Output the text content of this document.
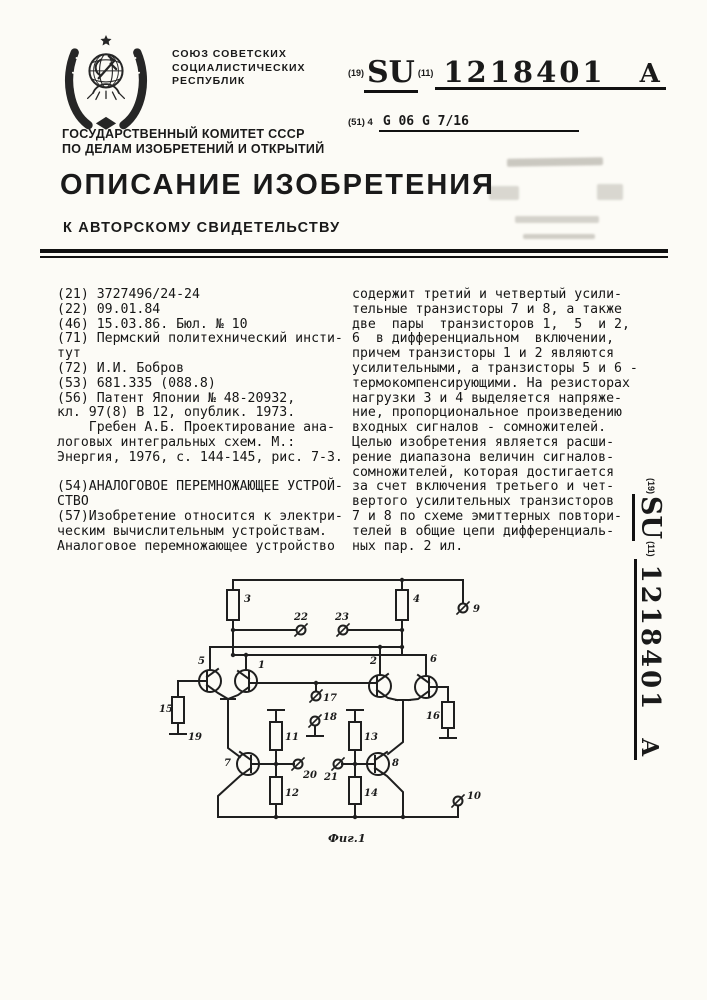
СОЮЗ СОВЕТСКИХ
СОЦИАЛИСТИЧЕСКИХ
РЕСПУБЛИК
ГОСУДАРСТВЕННЫЙ КОМИТЕТ СССР
ПО ДЕЛАМ ИЗОБРЕТЕНИЙ И ОТКРЫТИЙ
$^{(19)}$ SU $^{(11)}$ 1218401 A
(51) 4 G 06 G 7/16
ОПИСАНИЕ ИЗОБРЕТЕНИЯ
К АВТОРСКОМУ СВИДЕТЕЛЬСТВУ
(21) 3727496/24-24
(22) 09.01.84
(46) 15.03.86. Бюл. № 10
(71) Пермский политехнический инсти-
тут
(72) И.И. Бобров
(53) 681.335 (088.8)
(56) Патент Японии № 48-20932,
кл. 97(8) В 12, опублик. 1973.
Гребен А.Б. Проектирование ана-
логовых интегральных схем. М.:
Энергия, 1976, с. 144-145, рис. 7-3.

(54)АНАЛОГОВОЕ ПЕРЕМНОЖАЮЩЕЕ УСТРОЙ-
СТВО
(57)Изобретение относится к электри-
ческим вычислительным устройствам.
Аналоговое перемножающее устройство
содержит третий и четвертый усили-
тельные транзисторы 7 и 8, а также
две  пары  транзисторов 1,  5  и 2,
6  в дифференциальном  включении,
причем транзисторы 1 и 2 являются
усилительными, а транзисторы 5 и 6 -
термокомпенсирующими. На резисторах
нагрузки 3 и 4 выделяется напряже-
ние, пропорциональное произведению
входных сигналов - сомножителей.
Целью изобретения является расши-
рение диапазона величин сигналов-
сомножителей, которая достигается
за счет включения третьего и чет-
вертого усилительных транзисторов
7 и 8 по схеме эмиттерных повтори-
телей в общие цепи дифференциаль-
ных пар. 2 ил.
$^{(19)}$SU$^{(11)}$1218401A
3	4
9
22	23
5	1	2	6
17
18
15
19
16
7	8
11
12
13
14
20 21
10
Фиг.1
